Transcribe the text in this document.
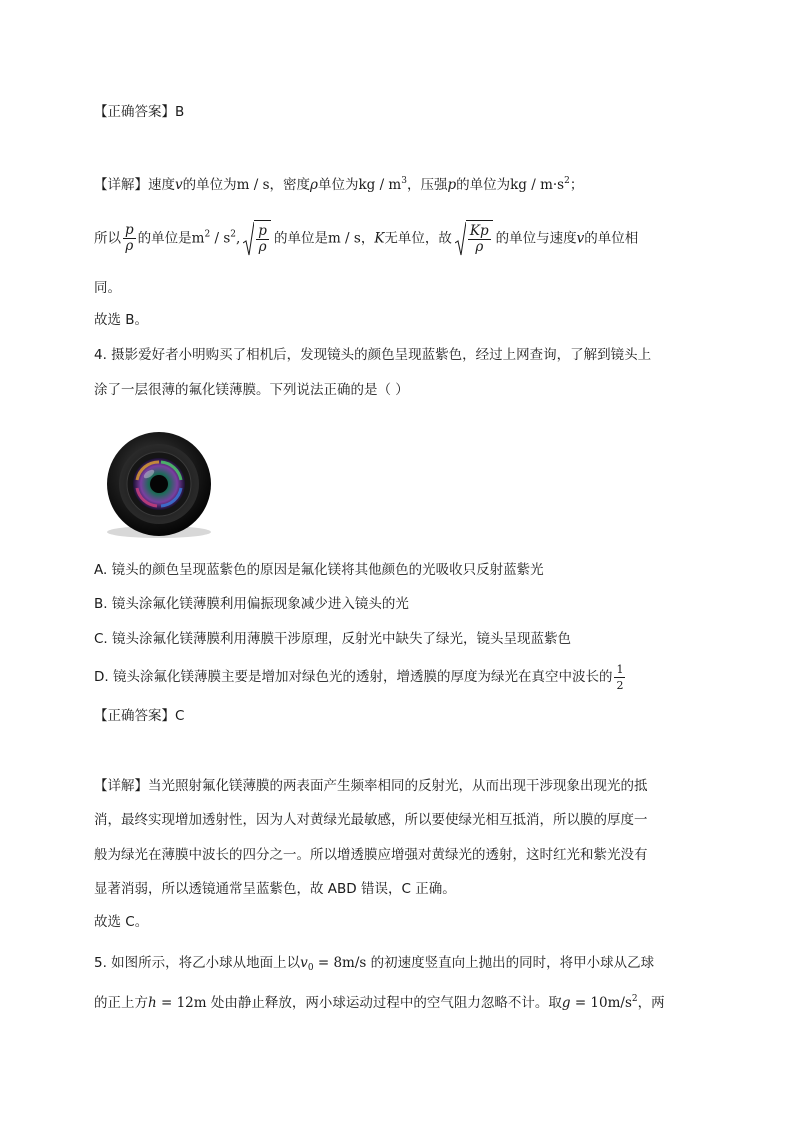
【正确答案】B
【详解】速度v的单位为m / s，密度ρ单位为kg / $m^3$，压强p的单位为kg / $m\cdot s^2$；
所以 $\frac{p}{\rho}$ 的单位是$m^2 / s^2$, $\frac{p}{\rho}$ 的单位是m / s，K无单位，故 $\frac{Kp}{\rho}$ 的单位与速度v的单位相
同。
故选 B。
4. 摄影爱好者小明购买了相机后，发现镜头的颜色呈现蓝紫色，经过上网查询，了解到镜头上
涂了一层很薄的氟化镁薄膜。下列说法正确的是（ ）
A. 镜头的颜色呈现蓝紫色的原因是氟化镁将其他颜色的光吸收只反射蓝紫光
B. 镜头涂氟化镁薄膜利用偏振现象减少进入镜头的光
C. 镜头涂氟化镁薄膜利用薄膜干涉原理，反射光中缺失了绿光，镜头呈现蓝紫色
D. 镜头涂氟化镁薄膜主要是增加对绿色光的透射，增透膜的厚度为绿光在真空中波长的 $\frac{1}{2}$
【正确答案】C
【详解】当光照射氟化镁薄膜的两表面产生频率相同的反射光，从而出现干涉现象出现光的抵
消，最终实现增加透射性，因为人对黄绿光最敏感，所以要使绿光相互抵消，所以膜的厚度一
般为绿光在薄膜中波长的四分之一。所以增透膜应增强对黄绿光的透射，这时红光和紫光没有
显著消弱，所以透镜通常呈蓝紫色，故 ABD 错误，C 正确。
故选 C。
5. 如图所示，将乙小球从地面上以$v_0 = 8m/s$ 的初速度竖直向上抛出的同时，将甲小球从乙球
的正上方h = 12m 处由静止释放，两小球运动过程中的空气阻力忽略不计。取$g = 10m/s^2$，两
